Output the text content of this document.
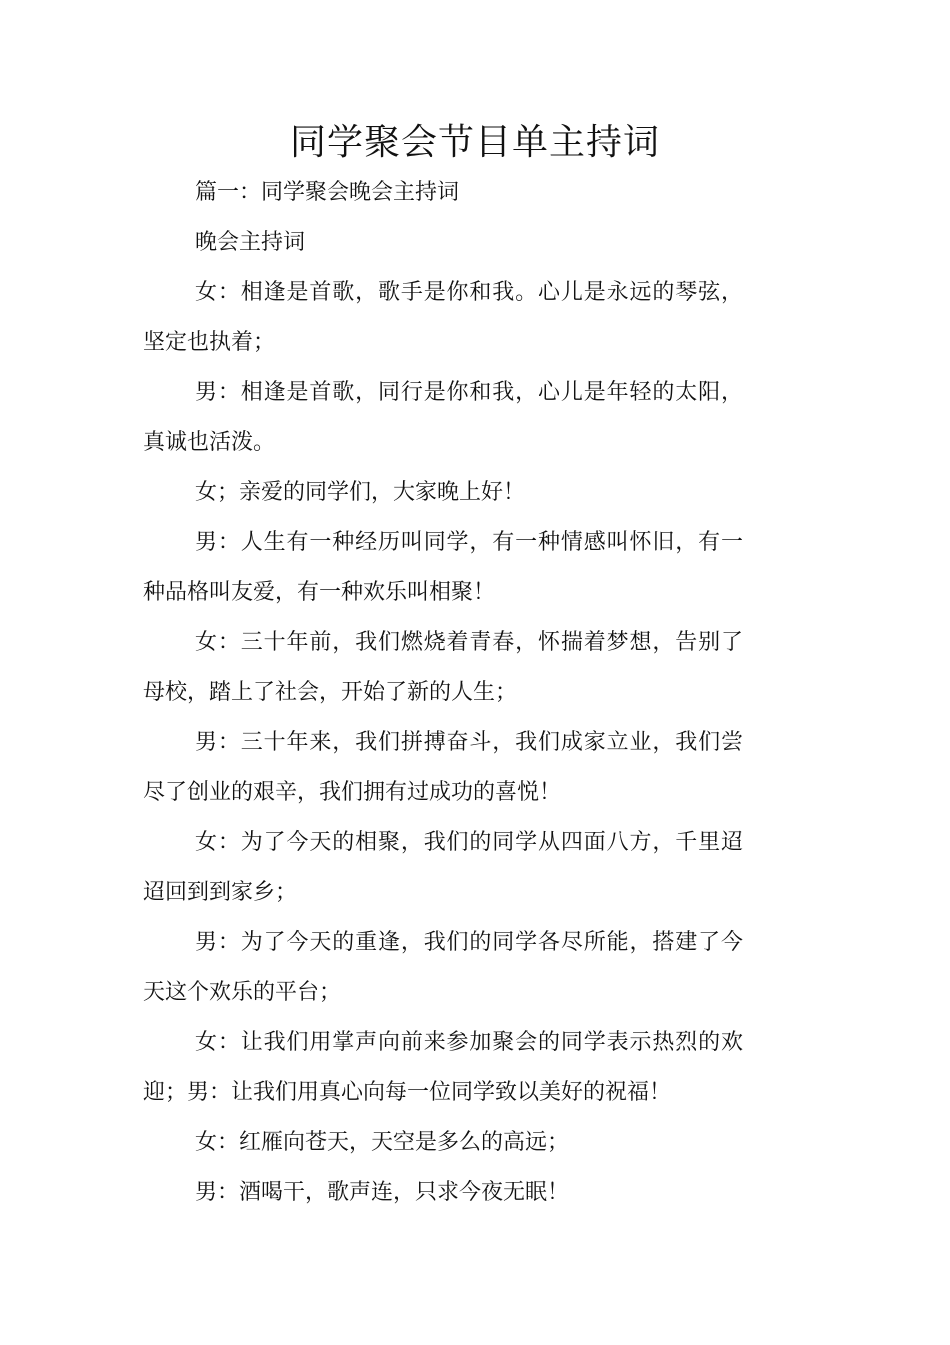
同学聚会节目单主持词

篇一：同学聚会晚会主持词

晚会主持词

女：相逢是首歌，歌手是你和我。心儿是永远的琴弦，坚定也执着；

男：相逢是首歌，同行是你和我，心儿是年轻的太阳，真诚也活泼。

女；亲爱的同学们，大家晚上好！

男：人生有一种经历叫同学，有一种情感叫怀旧，有一种品格叫友爱，有一种欢乐叫相聚！

女：三十年前，我们燃烧着青春，怀揣着梦想，告别了母校，踏上了社会，开始了新的人生；

男：三十年来，我们拼搏奋斗，我们成家立业，我们尝尽了创业的艰辛，我们拥有过成功的喜悦！

女：为了今天的相聚，我们的同学从四面八方，千里迢迢回到到家乡；

男：为了今天的重逢，我们的同学各尽所能，搭建了今天这个欢乐的平台；

女：让我们用掌声向前来参加聚会的同学表示热烈的欢迎；男：让我们用真心向每一位同学致以美好的祝福！

女：红雁向苍天，天空是多么的高远；

男：酒喝干，歌声连，只求今夜无眠！
